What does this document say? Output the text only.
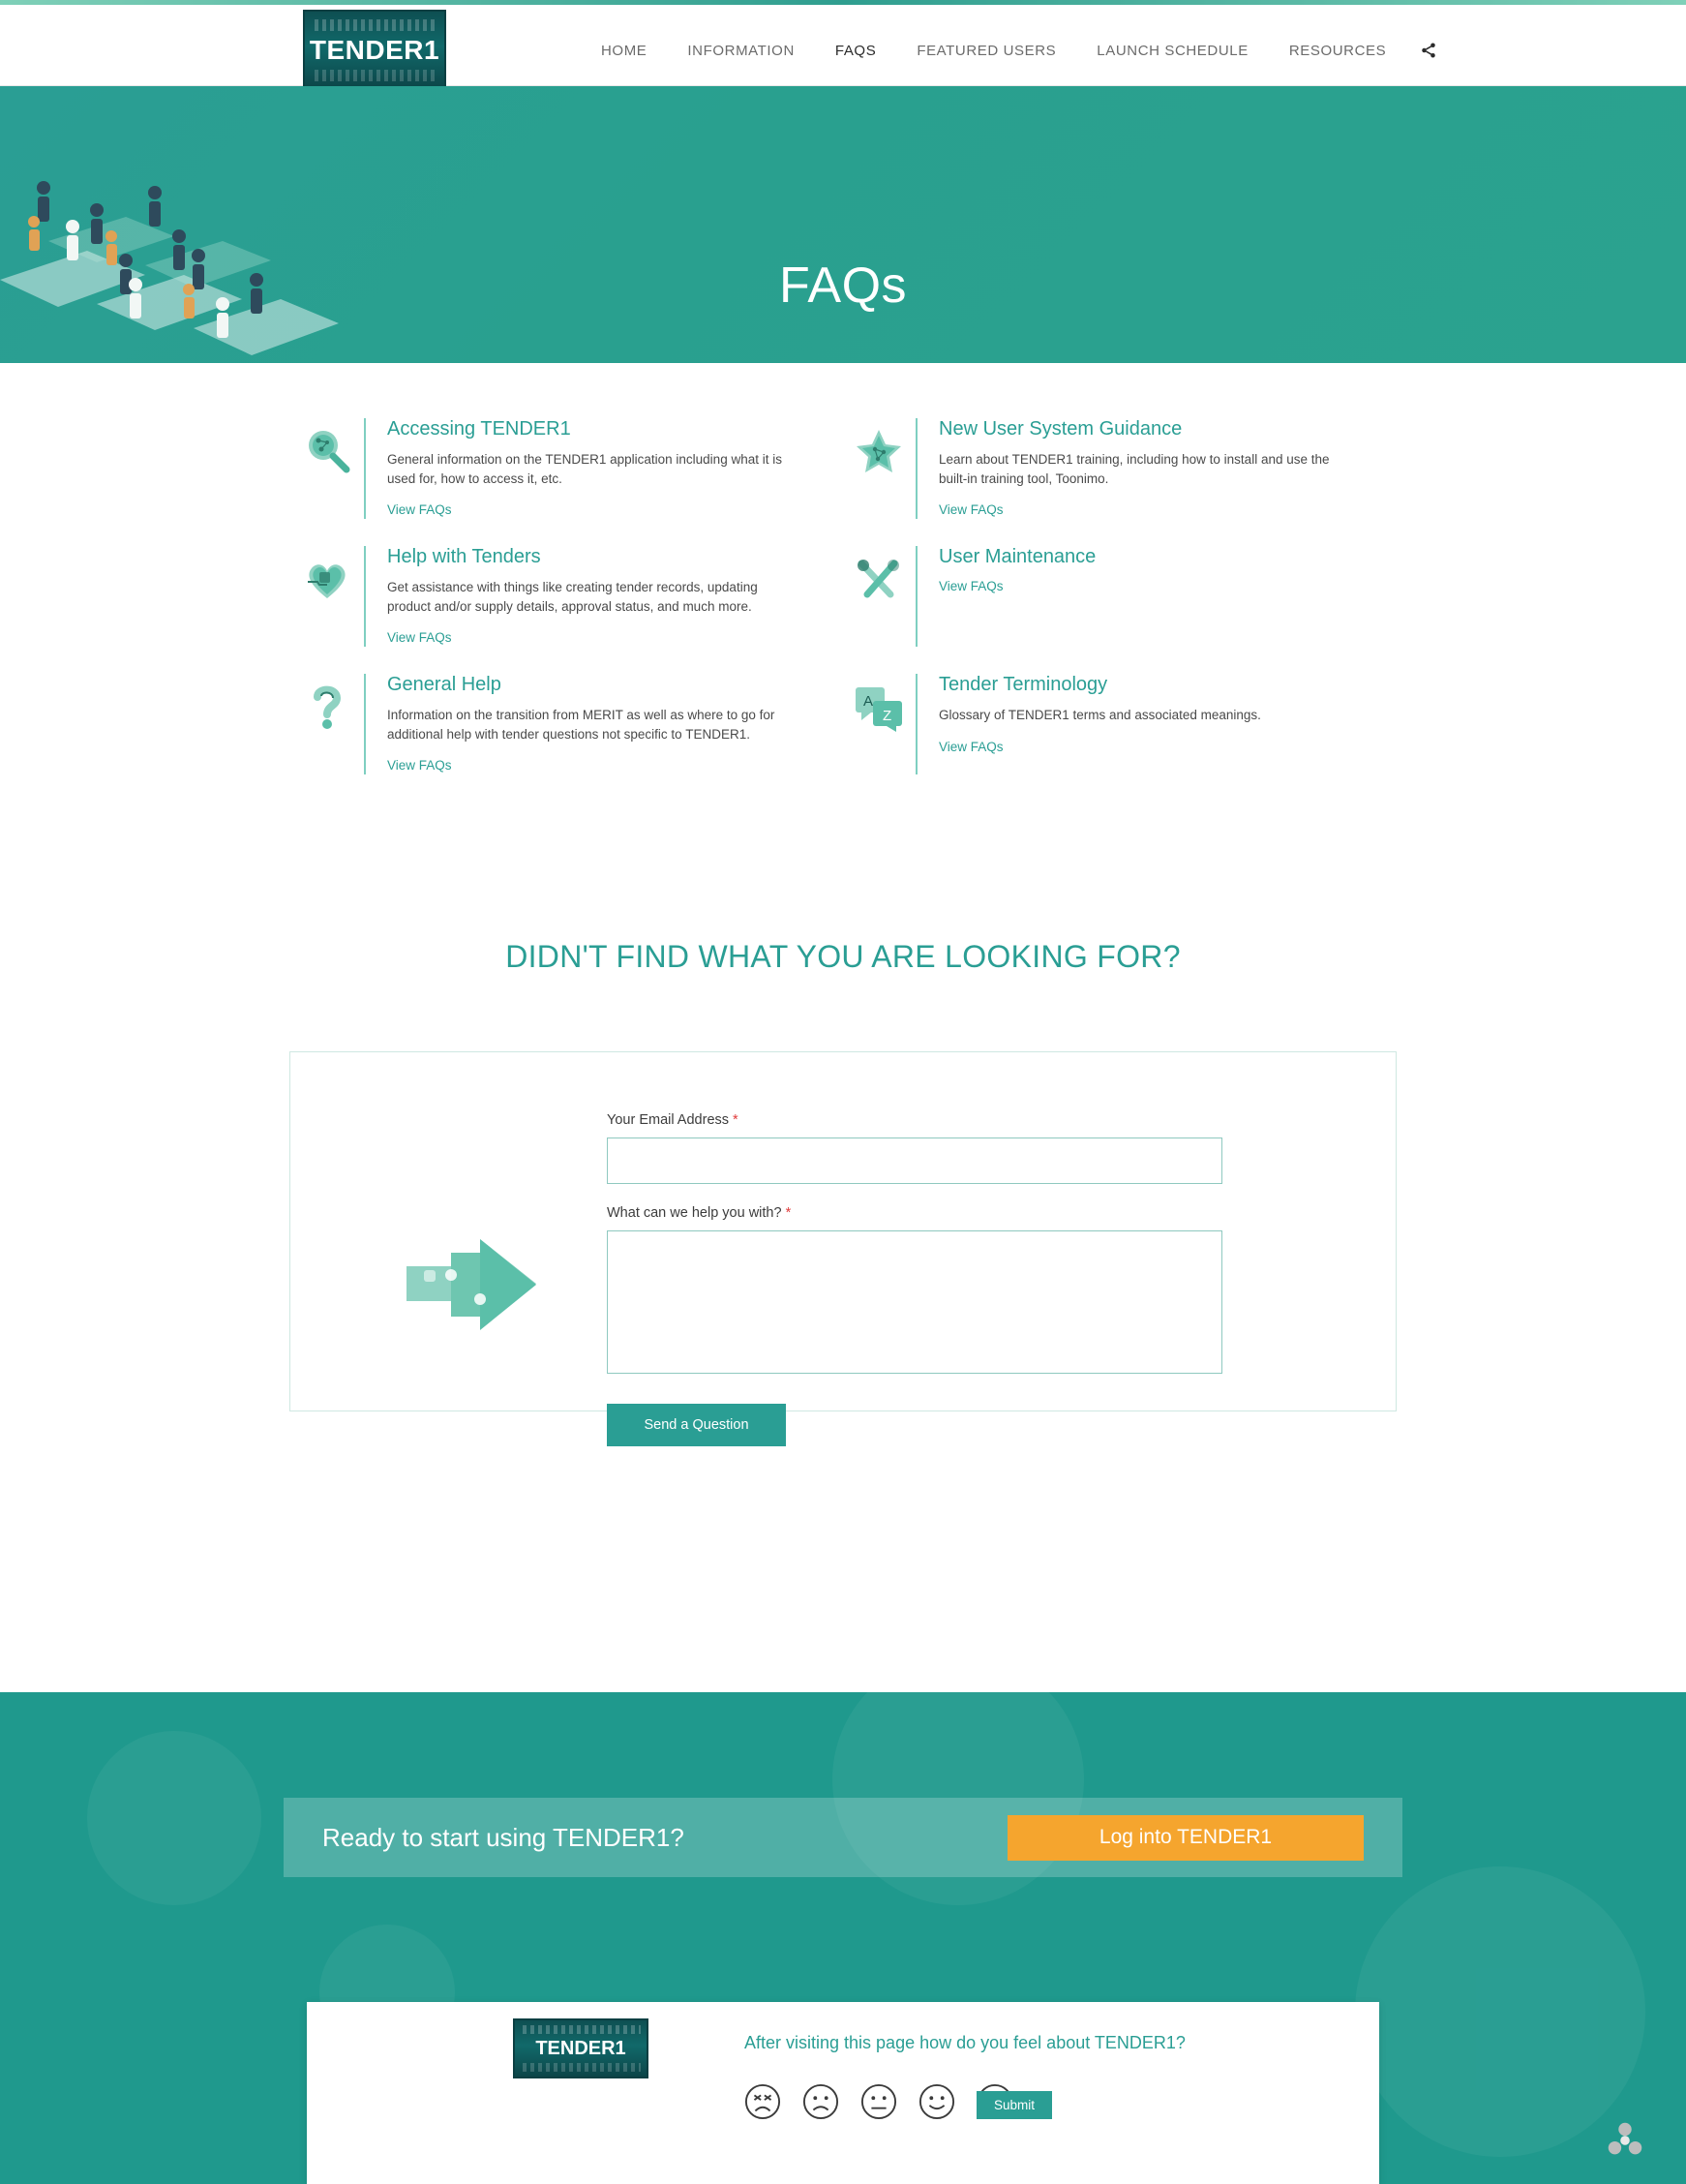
TENDER1	HOME	INFORMATION	FAQS	FEATURED USERS	LAUNCH SCHEDULE	RESOURCES
FAQs
Accessing TENDER1

General information on the TENDER1 application including what it is used for, how to access it, etc.

View FAQs
New User System Guidance

Learn about TENDER1 training, including how to install and use the built-in training tool, Toonimo.

View FAQs
Help with Tenders

Get assistance with things like creating tender records, updating product and/or supply details, approval status, and much more.

View FAQs
User Maintenance
View FAQs
General Help

Information on the transition from MERIT as well as where to go for additional help with tender questions not specific to TENDER1.

View FAQs
A
Z
Tender Terminology

Glossary of TENDER1 terms and associated meanings.

View FAQs
DIDN'T FIND WHAT YOU ARE LOOKING FOR?
Your Email Address *
What can we help you with? *
Send a Question
Ready to start using TENDER1?	Log into TENDER1
TENDER1	After visiting this page how do you feel about TENDER1?
Submit
